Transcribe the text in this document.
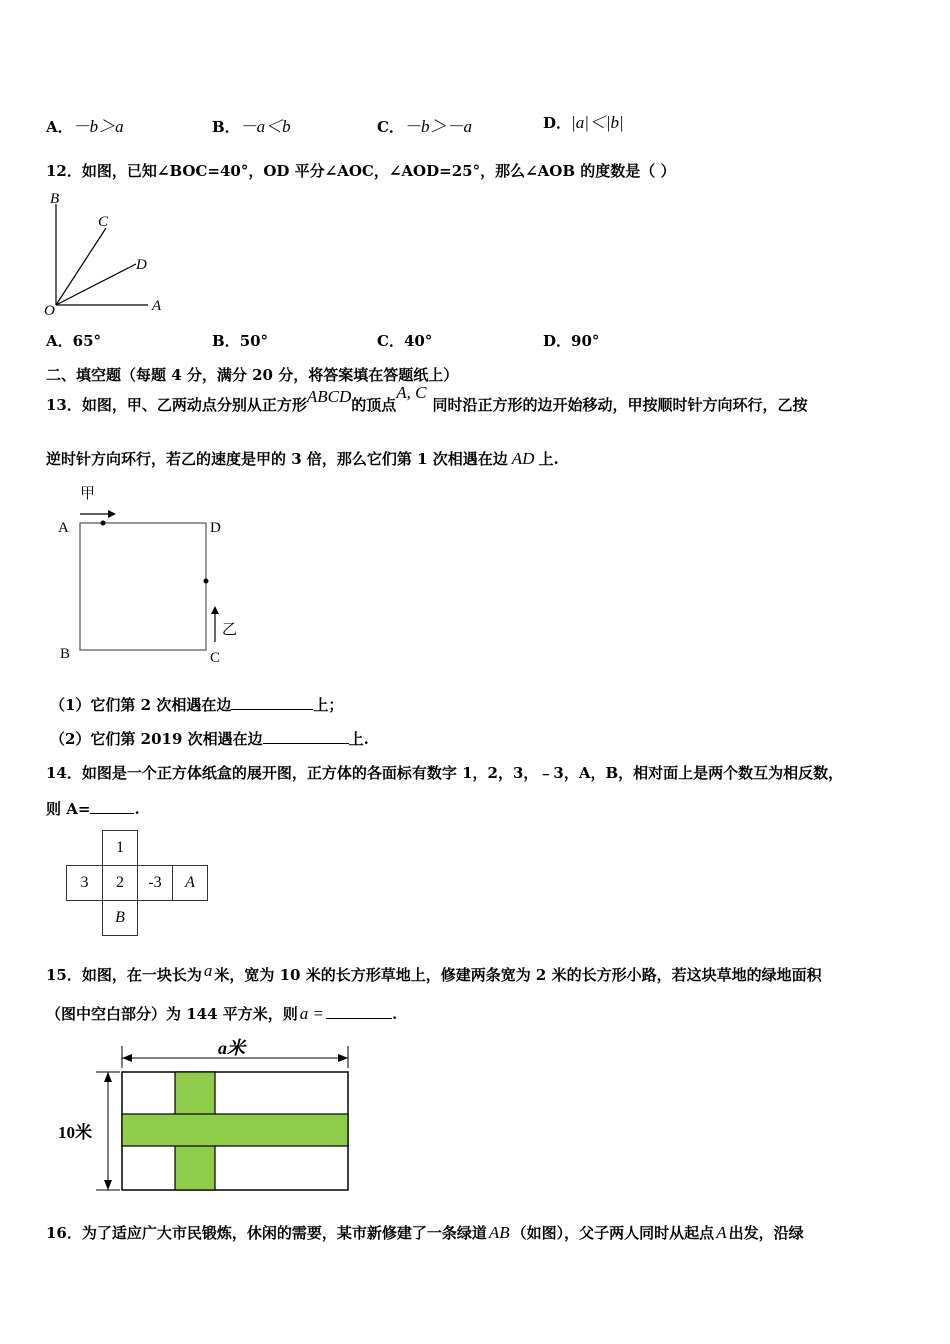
A．－b＞a	B．－a＜b	C．－b＞－a	D．|a|＜|b|
12．如图，已知∠BOC=40°，OD 平分∠AOC，∠AOD=25°，那么∠AOB 的度数是（ ）
B
C
D
O	A
A．65°	B．50°	C．40°	D．90°
二、填空题（每题 4 分，满分 20 分，将答案填在答题纸上）
13．如图，甲、乙两动点分别从正方形ABCD的顶点A, C同时沿正方形的边开始移动，甲按顺时针方向环行，乙按
逆时针方向环行，若乙的速度是甲的 3 倍，那么它们第 1 次相遇在边 AD 上.
甲
A	D
B	C
乙
（1）它们第 2 次相遇在边	上；
（2）它们第 2019 次相遇在边	上.
14．如图是一个正方体纸盒的展开图，正方体的各面标有数字 1，2，3，﹣3，A，B，相对面上是两个数互为相反数，
则 A=	.
1
3	2	-3	A
B
15．如图，在一块长为 a 米，宽为 10 米的长方形草地上，修建两条宽为 2 米的长方形小路，若这块草地的绿地面积
（图中空白部分）为 144 平方米，则 a =	.
a米
10米
16．为了适应广大市民锻炼，休闲的需要，某市新修建了一条绿道 AB （如图），父子两人同时从起点 A 出发，沿绿
